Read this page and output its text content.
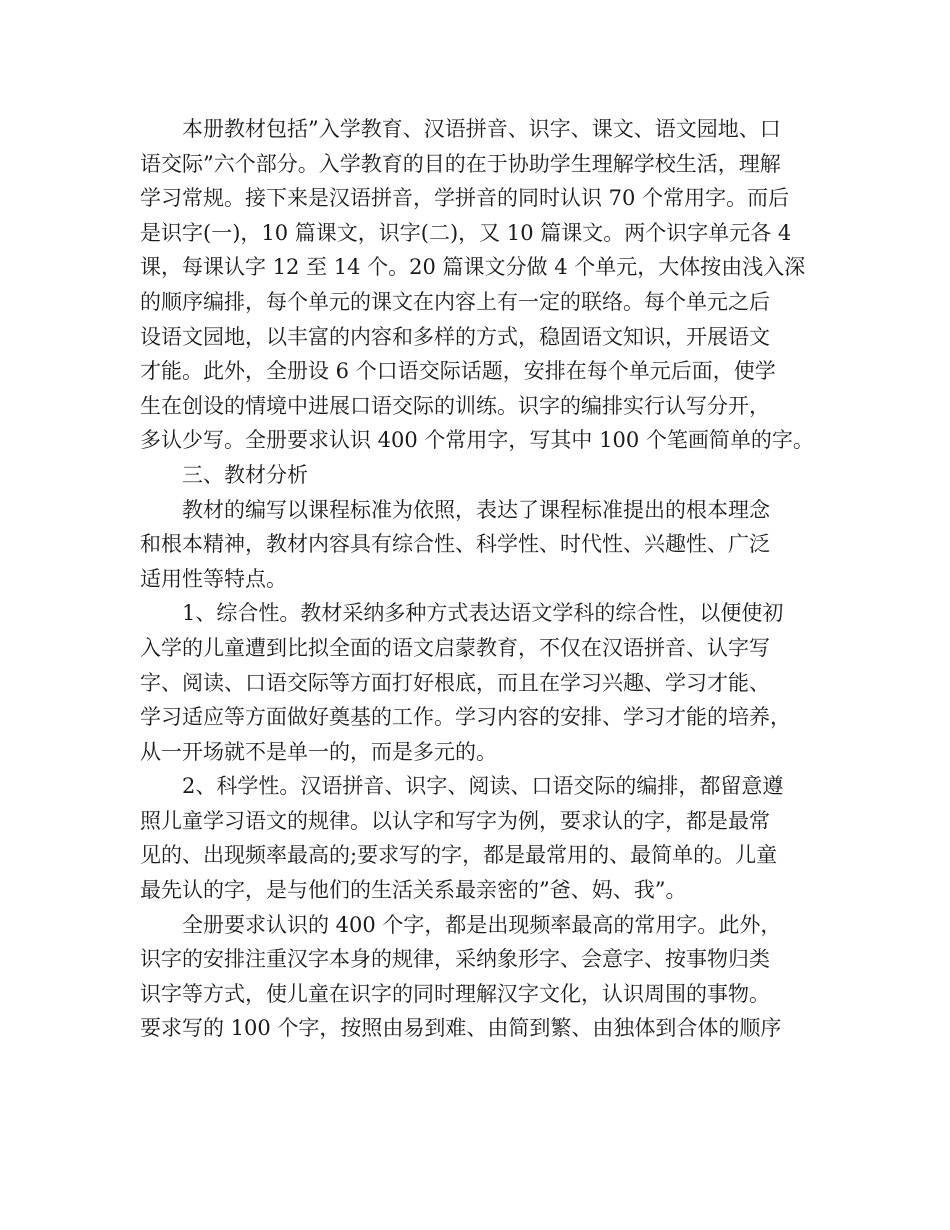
本册教材包括”入学教育、汉语拼音、识字、课文、语文园地、口
语交际”六个部分。入学教育的目的在于协助学生理解学校生活，理解
学习常规。接下来是汉语拼音，学拼音的同时认识 70 个常用字。而后
是识字(一)，10 篇课文，识字(二)，又 10 篇课文。两个识字单元各 4
课，每课认字 12 至 14 个。20 篇课文分做 4 个单元，大体按由浅入深
的顺序编排，每个单元的课文在内容上有一定的联络。每个单元之后
设语文园地，以丰富的内容和多样的方式，稳固语文知识，开展语文
才能。此外，全册设 6 个口语交际话题，安排在每个单元后面，使学
生在创设的情境中进展口语交际的训练。识字的编排实行认写分开，
多认少写。全册要求认识 400 个常用字，写其中 100 个笔画简单的字。
三、教材分析
教材的编写以课程标准为依照，表达了课程标准提出的根本理念
和根本精神，教材内容具有综合性、科学性、时代性、兴趣性、广泛
适用性等特点。
1、综合性。教材采纳多种方式表达语文学科的综合性，以便使初
入学的儿童遭到比拟全面的语文启蒙教育，不仅在汉语拼音、认字写
字、阅读、口语交际等方面打好根底，而且在学习兴趣、学习才能、
学习适应等方面做好奠基的工作。学习内容的安排、学习才能的培养，
从一开场就不是单一的，而是多元的。
2、科学性。汉语拼音、识字、阅读、口语交际的编排，都留意遵
照儿童学习语文的规律。以认字和写字为例，要求认的字，都是最常
见的、出现频率最高的;要求写的字，都是最常用的、最简单的。儿童
最先认的字，是与他们的生活关系最亲密的”爸、妈、我”。
全册要求认识的 400 个字，都是出现频率最高的常用字。此外，
识字的安排注重汉字本身的规律，采纳象形字、会意字、按事物归类
识字等方式，使儿童在识字的同时理解汉字文化，认识周围的事物。
要求写的 100 个字，按照由易到难、由简到繁、由独体到合体的顺序
